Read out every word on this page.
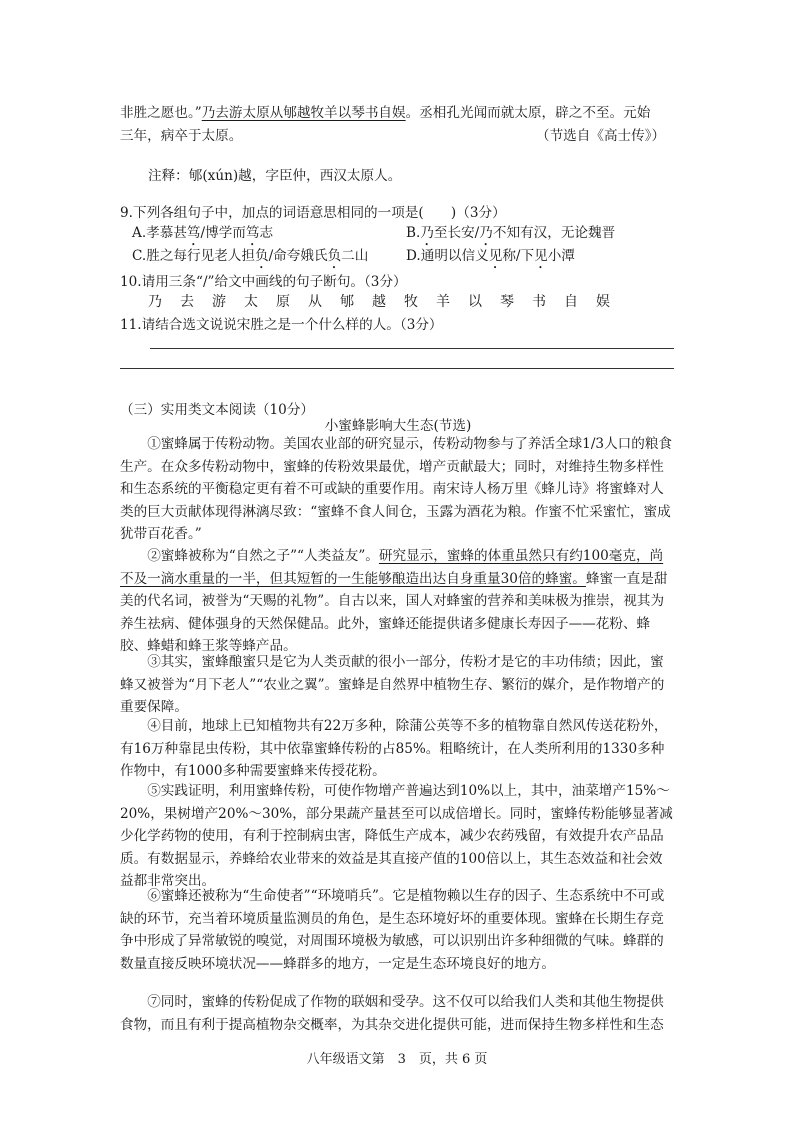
非胜之愿也。”乃去游太原从郇越牧羊以琴书自娱。丞相孔光闻而就太原，辟之不至。元始

三年，病卒于太原。	（节选自《高士传》）

注释：郇(xún)越，字臣仲，西汉太原人。

9.下列各组句子中，加点的词语意思相同的一项是(　　)（3分）

A.孝慕甚笃/博学而笃志	B.乃至长安/乃不知有汉，无论魏晋

C.胜之每行见老人担负/命夸娥氏负二山	D.通明以信义见称/下见小潭

10.请用三条“/”给文中画线的句子断句。（3分）

乃去游太原从郇越牧羊以琴书自娱

11.请结合选文说说宋胜之是一个什么样的人。（3分）

（三）实用类文本阅读（10分）

小蜜蜂影响大生态(节选)

①蜜蜂属于传粉动物。美国农业部的研究显示，传粉动物参与了养活全球1/3人口的粮食生产。在众多传粉动物中，蜜蜂的传粉效果最优，增产贡献最大；同时，对维持生物多样性和生态系统的平衡稳定更有着不可或缺的重要作用。南宋诗人杨万里《蜂儿诗》将蜜蜂对人类的巨大贡献体现得淋漓尽致：“蜜蜂不食人间仓，玉露为酒花为粮。作蜜不忙采蜜忙，蜜成犹带百花香。”

②蜜蜂被称为“自然之子”“人类益友”。研究显示，蜜蜂的体重虽然只有约100毫克，尚不及一滴水重量的一半，但其短暂的一生能够酿造出达自身重量30倍的蜂蜜。蜂蜜一直是甜美的代名词，被誉为“天赐的礼物”。自古以来，国人对蜂蜜的营养和美味极为推崇，视其为养生祛病、健体强身的天然保健品。此外，蜜蜂还能提供诸多健康长寿因子——花粉、蜂胶、蜂蜡和蜂王浆等蜂产品。

③其实，蜜蜂酿蜜只是它为人类贡献的很小一部分，传粉才是它的丰功伟绩；因此，蜜蜂又被誉为“月下老人”“农业之翼”。蜜蜂是自然界中植物生存、繁衍的媒介，是作物增产的重要保障。

④目前，地球上已知植物共有22万多种，除蒲公英等不多的植物靠自然风传送花粉外，有16万种靠昆虫传粉，其中依靠蜜蜂传粉的占85%。粗略统计，在人类所利用的1330多种作物中，有1000多种需要蜜蜂来传授花粉。

⑤实践证明，利用蜜蜂传粉，可使作物增产普遍达到10%以上，其中，油菜增产15%～20%，果树增产20%～30%，部分果蔬产量甚至可以成倍增长。同时，蜜蜂传粉能够显著减少化学药物的使用，有利于控制病虫害，降低生产成本，减少农药残留，有效提升农产品品质。有数据显示，养蜂给农业带来的效益是其直接产值的100倍以上，其生态效益和社会效益都非常突出。

⑥蜜蜂还被称为“生命使者”“环境哨兵”。它是植物赖以生存的因子、生态系统中不可或缺的环节，充当着环境质量监测员的角色，是生态环境好坏的重要体现。蜜蜂在长期生存竞争中形成了异常敏锐的嗅觉，对周围环境极为敏感，可以识别出许多种细微的气味。蜂群的数量直接反映环境状况——蜂群多的地方，一定是生态环境良好的地方。

⑦同时，蜜蜂的传粉促成了作物的联姻和受孕。这不仅可以给我们人类和其他生物提供食物，而且有利于提高植物杂交概率，为其杂交进化提供可能，进而保持生物多样性和生态

八年级语文第　3　页，共 6 页
